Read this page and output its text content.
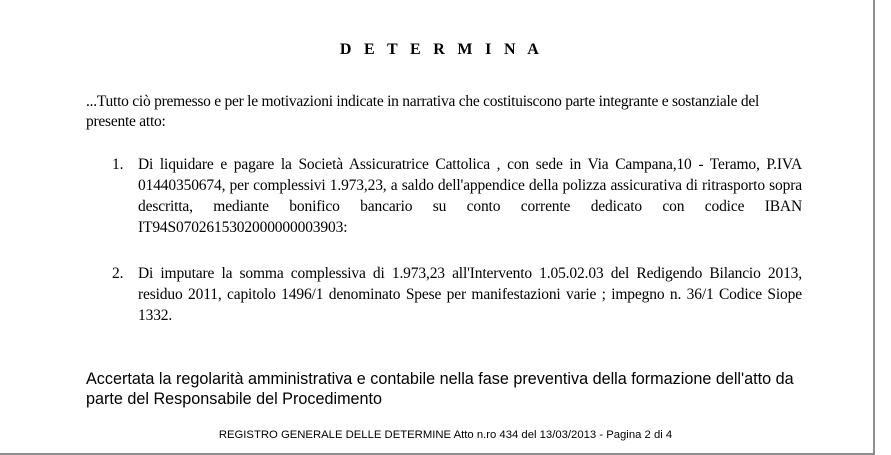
D E T E R M I N A
...Tutto ciò premesso e per le motivazioni indicate in narrativa che costituiscono parte integrante e sostanziale del presente atto:
1. Di liquidare e pagare la Società Assicuratrice Cattolica , con sede in Via Campana,10 - Teramo, P.IVA 01440350674, per complessivi 1.973,23, a saldo dell'appendice della polizza assicurativa di ritrasporto sopra descritta, mediante bonifico bancario su conto corrente dedicato con codice IBAN IT94S0702615302000000003903:
2. Di imputare la somma complessiva di 1.973,23 all'Intervento 1.05.02.03 del Redigendo Bilancio 2013, residuo 2011, capitolo 1496/1 denominato Spese per manifestazioni varie ; impegno n. 36/1 Codice Siope 1332.
Accertata la regolarità amministrativa e contabile nella fase preventiva della formazione dell'atto da parte del Responsabile del Procedimento
REGISTRO GENERALE DELLE DETERMINE Atto n.ro 434 del 13/03/2013 - Pagina 2 di 4
